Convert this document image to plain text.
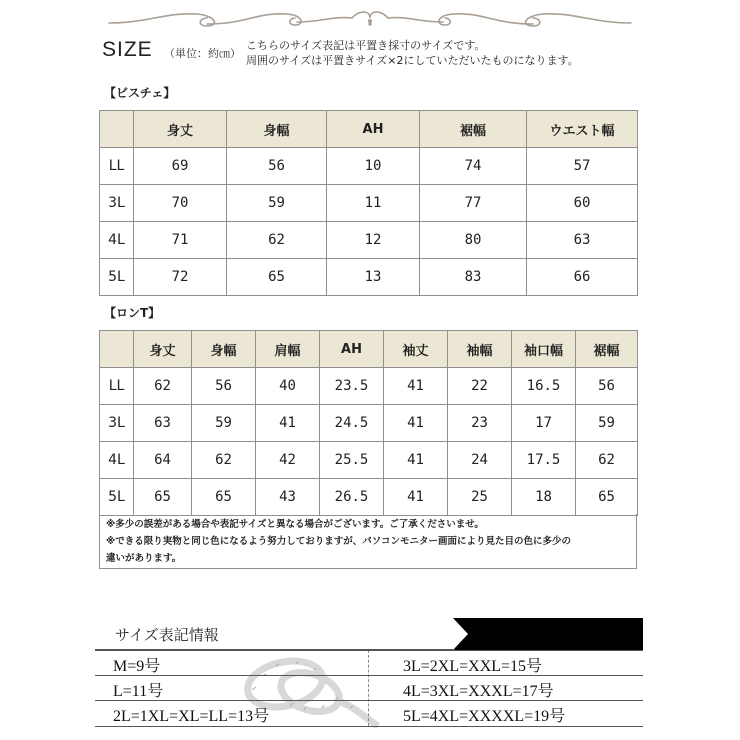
SIZE （単位：約㎝）
こちらのサイズ表記は平置き採寸のサイズです。
周囲のサイズは平置きサイズ×2にしていただいたものになります。
【ビスチェ】
	身丈	身幅	AH	裾幅	ウエスト幅
LL	69	56	10	74	57
3L	70	59	11	77	60
4L	71	62	12	80	63
5L	72	65	13	83	66
【ロンT】
	身丈	身幅	肩幅	AH	袖丈	袖幅	袖口幅	裾幅
LL	62	56	40	23.5	41	22	16.5	56
3L	63	59	41	24.5	41	23	17	59
4L	64	62	42	25.5	41	24	17.5	62
5L	65	65	43	26.5	41	25	18	65
※多少の誤差がある場合や表記サイズと異なる場合がございます。ご了承くださいませ。
※できる限り実物と同じ色になるよう努力しておりますが、パソコンモニター画面により見た目の色に多少の
違いがあります。
サイズ表記情報
M=9号	3L=2XL=XXL=15号
L=11号	4L=3XL=XXXL=17号
2L=1XL=XL=LL=13号	5L=4XL=XXXXL=19号
